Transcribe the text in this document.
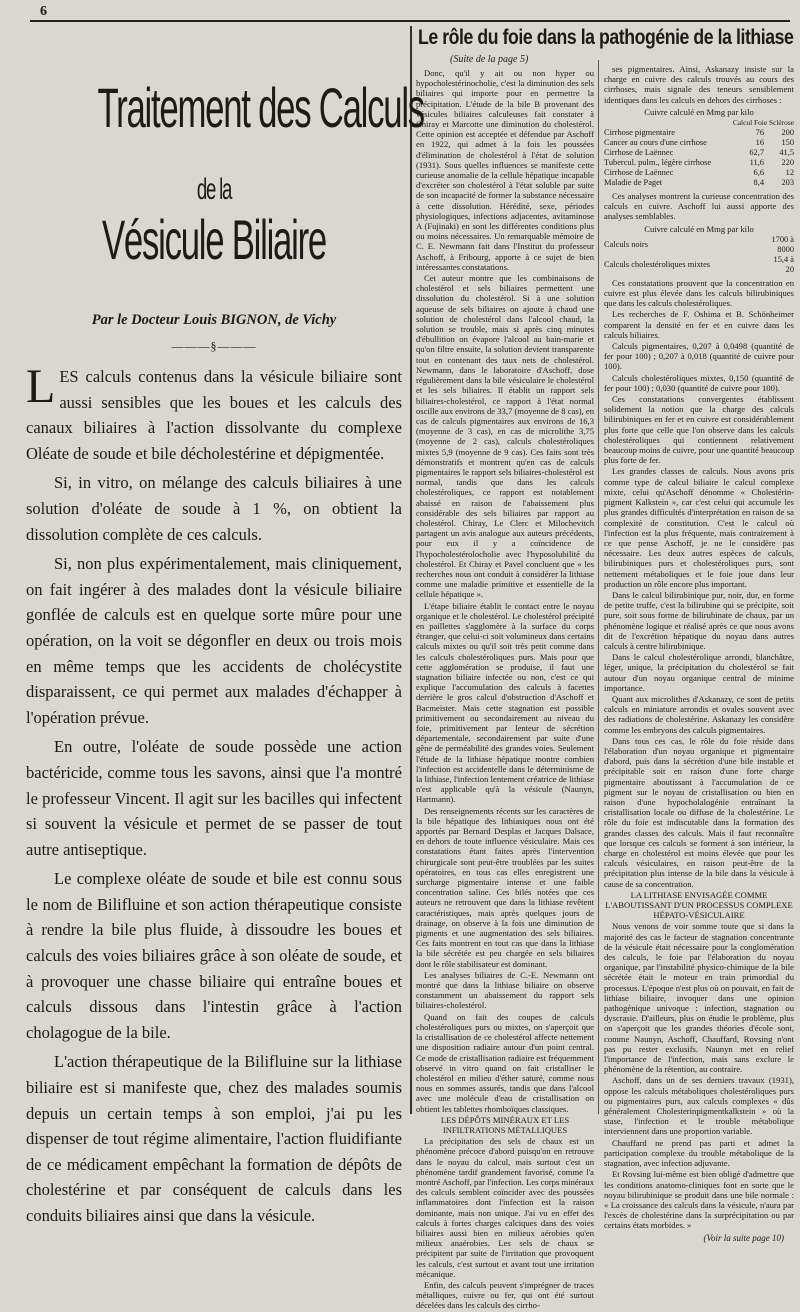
6
Traitement des Calculs
de la
Vésicule Biliaire
Par le Docteur Louis BIGNON, de Vichy
———§———

LES calculs contenus dans la vésicule biliaire sont aussi sensibles que les boues et les calculs des canaux biliaires à l'action dissolvante du complexe Oléate de soude et bile décholestérine et dépigmentée.

Si, in vitro, on mélange des calculs biliaires à une solution d'oléate de soude à 1 %, on obtient la dissolution complète de ces calculs.

Si, non plus expérimentalement, mais cliniquement, on fait ingérer à des malades dont la vésicule biliaire gonflée de calculs est en quelque sorte mûre pour une opération, on la voit se dégonfler en deux ou trois mois en même temps que les accidents de cholécystite disparaissent, ce qui permet aux malades d'échapper à l'opération prévue.

En outre, l'oléate de soude possède une action bactéricide, comme tous les savons, ainsi que l'a montré le professeur Vincent. Il agit sur les bacilles qui infectent si souvent la vésicule et permet de se passer de tout autre antiseptique.

Le complexe oléate de soude et bile est connu sous le nom de Bilifluine et son action thérapeutique consiste à rendre la bile plus fluide, à dissoudre les boues et calculs des voies biliaires grâce à son oléate de soude, et à provoquer une chasse biliaire qui entraîne boues et calculs dissous dans l'intestin grâce à l'action cholagogue de la bile.

L'action thérapeutique de la Bilifluine sur la lithiase biliaire est si manifeste que, chez des malades soumis depuis un certain temps à son emploi, j'ai pu les dispenser de tout régime alimentaire, l'action fluidifiante de ce médicament empêchant la formation de dépôts de cholestérine et par conséquent de calculs dans les conduits biliaires ainsi que dans la vésicule.

Le rôle du foie dans la pathogénie de la lithiase
(Suite de la page 5)

Donc, qu'il y ait ou non hyper ou hypocholestérinocholie, c'est la diminution des sels biliaires qui importe pour en permettre la précipitation. L'étude de la bile B provenant des vésicules biliaires calculeuses fait constater à Chiray et Marcotte une diminution du cholestérol. Cette opinion est acceptée et défendue par Aschoff en 1922, qui admet à la fois les poussées d'élimination de cholestérol à l'état de solution (1931). Sous quelles influences se manifeste cette curieuse anomalie de la cellule hépatique incapable d'excréter son cholestérol à l'état soluble par suite de son incapacité de former la substance nécessaire à cette dissolution. Hérédité, sexe, périodes physiologiques, infections adjacentes, avitaminose A (Fujinaki) en sont les différentes conditions plus ou moins nécessaires. Un remarquable mémoire de C. E. Newmann fait dans l'Institut du professeur Aschoff, à Fribourg, apporte à ce sujet de bien intéressantes constatations.

Cet auteur montre que les combinaisons de cholestérol et sels biliaires permettent une dissolution du cholestérol. Si à une solution aqueuse de sels biliaires on ajoute à chaud une solution de cholestérol dans l'alcool chaud, la solution se trouble, mais si après cinq minutes d'ébullition on évapore l'alcool au bain-marie et qu'on filtre ensuite, la solution devient transparente tout en contenant des taux nets de cholestérol. Newmann, dans le laboratoire d'Aschoff, dose régulièrement dans la bile vésiculaire le cholestérol et les sels biliaires. Il établit un rapport sels biliaires-cholestérol, ce rapport à l'état normal oscille aux environs de 33,7 (moyenne de 8 cas), en cas de calculs pigmentaires aux environs de 16,3 (moyenne de 3 cas), en cas de microlithe 3,75 (moyenne de 2 cas), calculs cholestéroliques mixtes 5,9 (moyenne de 9 cas). Ces faits sont très démonstratifs et montrent qu'en cas de calculs pigmentaires le rapport sels biliaires-cholestérol est normal, tandis que dans les calculs cholestéroliques, ce rapport est notablement abaissé en raison de l'abaissement plus considérable des sels biliaires par rapport au cholestérol. Chiray, Le Clerc et Milochevitch partagent un avis analogue aux auteurs précédents, pour eux il y a coïncidence de l'hypocholestérolocholie avec l'hyposolubilité du cholestérol. Et Chiray et Pavel concluent que « les recherches nous ont conduit à considérer la lithiase comme une maladie primitive et essentielle de la cellule hépatique ».

L'étape biliaire établit le contact entre le noyau organique et le cholestérol. Le cholestérol précipité en paillettes s'agglomère à la surface du corps étranger, que celui-ci soit volumineux dans certains calculs mixtes ou qu'il soit très petit comme dans les calculs cholestéroliques purs. Mais pour que cette agglomération se produise, il faut une stagnation biliaire infectée ou non, c'est ce qui explique l'accumulation des calculs à facettes derrière le gros calcul d'obstruction d'Aschoff et Bacmeister. Mais cette stagnation est possible primitivement ou secondairement au niveau du foie, primitivement par lenteur de sécrétion départementale, secondairement par suite d'une gêne de perméabilité des grandes voies. Seulement l'étude de la lithiase hépatique montre combien l'infection est accidentelle dans le déterminisme de la lithiase, l'infection lentement créatrice de lithiase n'est applicable qu'à la vésicule (Naunyn, Hartmann).

Des renseignements récents sur les caractères de la bile hépatique des lithiasiques nous ont été apportés par Bernard Desplas et Jacques Dalsace, en dehors de toute influence vésiculaire. Mais ces constatations étant faites après l'intervention chirurgicale sont peut-être troublées par les suites opératoires, en tous cas elles enregistrent une surcharge pigmentaire intense et une faible concentration saline. Ces bilés notées que ces auteurs ne retrouvent que dans la lithiase revêtent caractéristiques, mais après quelques jours de drainage, on observe à la fois une diminution de pigments et une augmentation des sels biliaires. Ces faits montrent en tout cas que dans la lithiase la bile sécrétée est peu chargée en sels biliaires dont le rôle stabilisateur est dominant.

Les analyses biliaires de C.-E. Newmann ont montré que dans la lithiase biliaire on observe constamment un abaissement du rapport sels biliaires-cholestérol.

Quand on fait des coupes de calculs cholestéroliques purs ou mixtes, on s'aperçoit que la cristallisation de ce cholestérol affecte nettement une disposition radiaire autour d'un point central. Ce mode de cristallisation radiaire est fréquemment observé in vitro quand on fait cristalliser le cholestérol en milieu d'éther saturé, comme nous nous en sommes assurés, tandis que dans l'alcool avec une molécule d'eau de cristallisation on obtient les tablettes rhomboïques classiques.

LES DÉPÔTS MINÉRAUX ET LES INFILTRATIONS MÉTALLIQUES

La précipitation des sels de chaux est un phénomène précoce d'abord puisqu'on en retrouve dans le noyau du calcul, mais surtout c'est un phénomène tardif grandement favorisé, comme l'a montré Aschoff, par l'infection. Les corps minéraux des calculs semblent coïncider avec des poussées inflammatoires dont l'infection est la raison dominante, mais non unique. J'ai vu en effet des calculs à fortes charges calciques dans des voies biliaires aussi bien en milieux aérobies qu'en milieux anaérobies. Les sels de chaux se précipitent par suite de l'irritation que provoquent les calculs, c'est surtout et avant tout une irritation mécanique.

Enfin, des calculs peuvent s'imprégner de traces métalliques, cuivre ou fer, qui ont été surtout décelées dans les calculs des cirrho-

ses pigmentaires. Ainsi, Askanazy insiste sur la charge en cuivre des calculs trouvés au cours des cirrhoses, mais signale des teneurs sensiblement identiques dans les calculs en dehors des cirrhoses :

Cuivre calculé en Mmg par kilo
Calcul Foie Sclérose		
Cirrhose pigmentaire	76	200
Cancer au cours d'une cirrhose	16	150
Cirrhose de Laënnec	62,7	41,5
Tubercul. pulm., légère cirrhose	11,6	220
Cirrhose de Laënnec	6,6	12
Maladie de Paget	8,4	203

Ces analyses montrent la curieuse concentration des calculs en cuivre. Aschoff lui aussi apporte des analyses semblables.

Cuivre calculé en Mmg par kilo
Calculs noirs	1700 à 8000
Calculs cholestéroliques mixtes	15,4 à 20

Ces constatations prouvent que la concentration en cuivre est plus élevée dans les calculs bilirubiniques que dans les calculs cholestéroliques.

Les recherches de F. Oshima et B. Schönheimer comparent la densité en fer et en cuivre dans les calculs biliaires.

Calculs pigmentaires, 0,207 à 0,0498 (quantité de fer pour 100) ; 0,207 à 0,018 (quantité de cuivre pour 100).

Calculs cholestéroliques mixtes, 0,150 (quantité de fer pour 100) ; 0,030 (quantité de cuivre pour 100).

Ces constatations convergentes établissent solidement la notion que la charge des calculs bilirubiniques en fer et en cuivre est considérablement plus forte que celle que l'on observe dans les calculs cholestéroliques qui contiennent relativement beaucoup moins de cuivre, pour une quantité beaucoup plus forte de fer.

Les grandes classes de calculs. Nous avons pris comme type de calcul biliaire le calcul complexe mixte, celui qu'Aschoff dénomme « Cholestérin-pigment Kalkstein », car c'est celui qui accumule les plus grandes difficultés d'interprétation en raison de sa complexité de constitution. C'est le calcul où l'infection est la plus fréquente, mais contrairement à ce que pense Aschoff, je ne le considère pas nécessaire. Les deux autres espèces de calculs, bilirubiniques purs et cholestéroliques purs, sont nettement métaboliques et le foie joue dans leur production un rôle encore plus important.

Dans le calcul bilirubinique pur, noir, dur, en forme de petite truffe, c'est la bilirubine qui se précipite, soit pure, soit sous forme de bilirubinate de chaux, par un phénomène logique et réalisé après ce que nous avons dit de l'excrétion hépatique du noyau dans autres calculs à centre bilirubinique.

Dans le calcul cholestérolique arrondi, blanchâtre, léger, unique, la précipitation du cholestérol se fait autour d'un noyau organique central de minime importance.

Quant aux microlithes d'Askanazy, ce sont de petits calculs en miniature arrondis et ovales souvent avec des radiations de cholestérine. Askanazy les considère comme les embryons des calculs pigmentaires.

Dans tous ces cas, le rôle du foie réside dans l'élaboration d'un noyau organique et pigmentaire d'abord, puis dans la sécrétion d'une bile instable et précipitable soit en raison d'une forte charge pigmentaire aboutissant à l'accumulation de ce pigment sur le noyau de cristallisation ou bien en raison d'une hypocholalogénie entraînant la cristallisation locale ou diffuse de la cholestérine. Le rôle du foie est indiscutable dans la formation des grandes classes des calculs. Mais il faut reconnaître que lorsque ces calculs se forment à son intérieur, la charge en cholestérol est moins élevée que pour les calculs vésiculaires, en raison peut-être de la précipitation plus intense de la bile dans la vésicule à cause de sa concentration.

LA LITHIASE ENVISAGÉE COMME L'ABOUTISSANT D'UN PROCESSUS COMPLEXE HÉPATO-VÉSICULAIRE

Nous venons de voir somme toute que si dans la majorité des cas le facteur de stagnation concentrante de la vésicule était nécessaire pour la conglomération des calculs, le foie par l'élaboration du noyau organique, par l'instabilité physico-chimique de la bile sécrétée était le moteur en train primordial du processus. L'époque n'est plus où on pouvait, en fait de lithiase biliaire, invoquer dans une opinion pathogénique univoque : infection, stagnation ou dyscrasie. D'ailleurs, plus on étudie le problème, plus on s'aperçoit que les grandes théories d'école sont, comme Naunyn, Aschoff, Chauffard, Rovsing n'ont pas pu rester exclusifs. Naunyn met en relief l'importance de l'infection, mais sans exclure le phénomène de la rétention, au contraire.

Aschoff, dans un de ses derniers travaux (1931), oppose les calculs métaboliques cholestéroliques purs ou pigmentaires purs, aux calculs complexes « dûs généralement Cholesterinpigmentkalkstein » où la stase, l'infection et le trouble métabolique interviennent dans une proportion variable.

Chauffard ne prend pas parti et admet la participation complexe du trouble métabolique de la stagnation, avec infection adjuvante.

Et Rovsing lui-même est bien obligé d'admettre que les conditions anatomo-cliniques font en sorte que le noyau bilirubinique se produit dans une bile normale : « La croissance des calculs dans la vésicule, n'aura par l'excès de cholestérine dans la surprécipitation ou par certains états morbides. »

(Voir la suite page 10)
